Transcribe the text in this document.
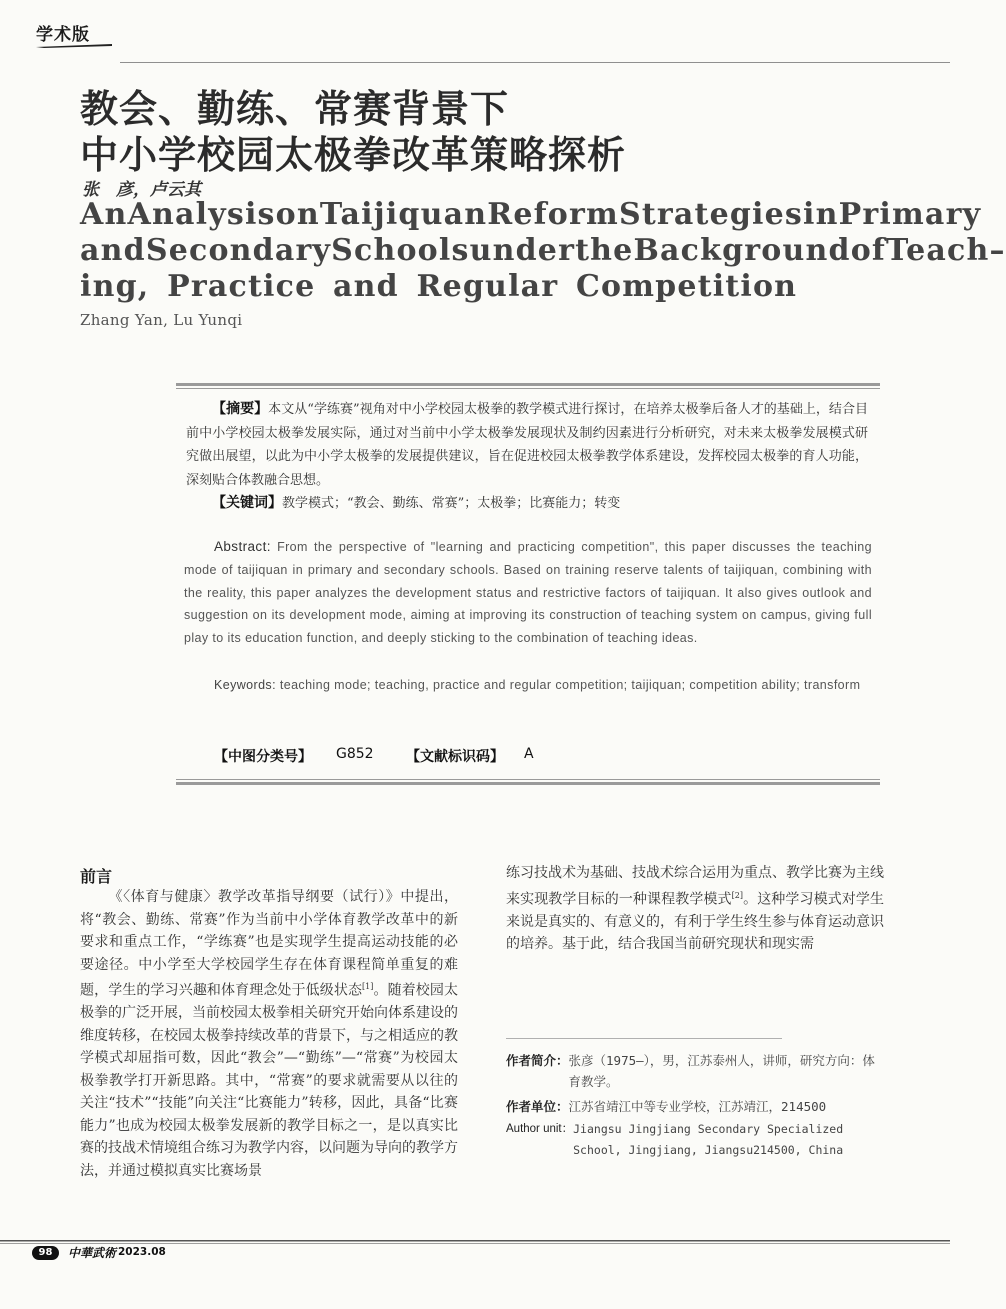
学术版
教会、勤练、常赛背景下
中小学校园太极拳改革策略探析
张　彦，卢云其
An Analysis on Taijiquan Reform Strategies in Primary
and Secondary Schools under the Background of Teach–
ing, Practice and Regular Competition
Zhang Yan, Lu Yunqi
【摘要】本文从“学练赛”视角对中小学校园太极拳的教学模式进行探讨，在培养太极拳后备人才的基础上，结合目前中小学校园太极拳发展实际，通过对当前中小学太极拳发展现状及制约因素进行分析研究，对未来太极拳发展模式研究做出展望，以此为中小学太极拳的发展提供建议，旨在促进校园太极拳教学体系建设，发挥校园太极拳的育人功能，深刻贴合体教融合思想。
【关键词】教学模式；“教会、勤练、常赛”；太极拳；比赛能力；转变
Abstract: From the perspective of "learning and practicing competition", this paper discusses the teaching mode of taijiquan in primary and secondary schools. Based on training reserve talents of taijiquan, combining with the reality, this paper analyzes the development status and restrictive factors of taijiquan. It also gives outlook and suggestion on its development mode, aiming at improving its construction of teaching system on campus, giving full play to its education function, and deeply sticking to the combination of teaching ideas.
Keywords: teaching mode; teaching, practice and regular competition; taijiquan; competition ability; transform
【中图分类号】 G852 【文献标识码】 A
前言
《〈体育与健康〉教学改革指导纲要（试行）》中提出，将“教会、勤练、常赛”作为当前中小学体育教学改革中的新要求和重点工作，“学练赛”也是实现学生提高运动技能的必要途径。中小学至大学校园学生存在体育课程简单重复的难题，学生的学习兴趣和体育理念处于低级状态[1]。随着校园太极拳的广泛开展，当前校园太极拳相关研究开始向体系建设的维度转移，在校园太极拳持续改革的背景下，与之相适应的教学模式却屈指可数，因此“教会”—“勤练”—“常赛”为校园太极拳教学打开新思路。其中，“常赛”的要求就需要从以往的关注“技术”“技能”向关注“比赛能力”转移，因此，具备“比赛能力”也成为校园太极拳发展新的教学目标之一，是以真实比赛的技战术情境组合练习为教学内容，以问题为导向的教学方法，并通过模拟真实比赛场景
练习技战术为基础、技战术综合运用为重点、教学比赛为主线来实现教学目标的一种课程教学模式[2]。这种学习模式对学生来说是真实的、有意义的，有利于学生终生参与体育运动意识的培养。基于此，结合我国当前研究现状和现实需
作者简介： 张彦（1975—），男，江苏泰州人，讲师，研究方向：体育教学。
作者单位： 江苏省靖江中等专业学校，江苏靖江，214500
Author unit： Jiangsu Jingjiang Secondary Specialized School, Jingjiang, Jiangsu214500, China
98	中華武術 2023.08
